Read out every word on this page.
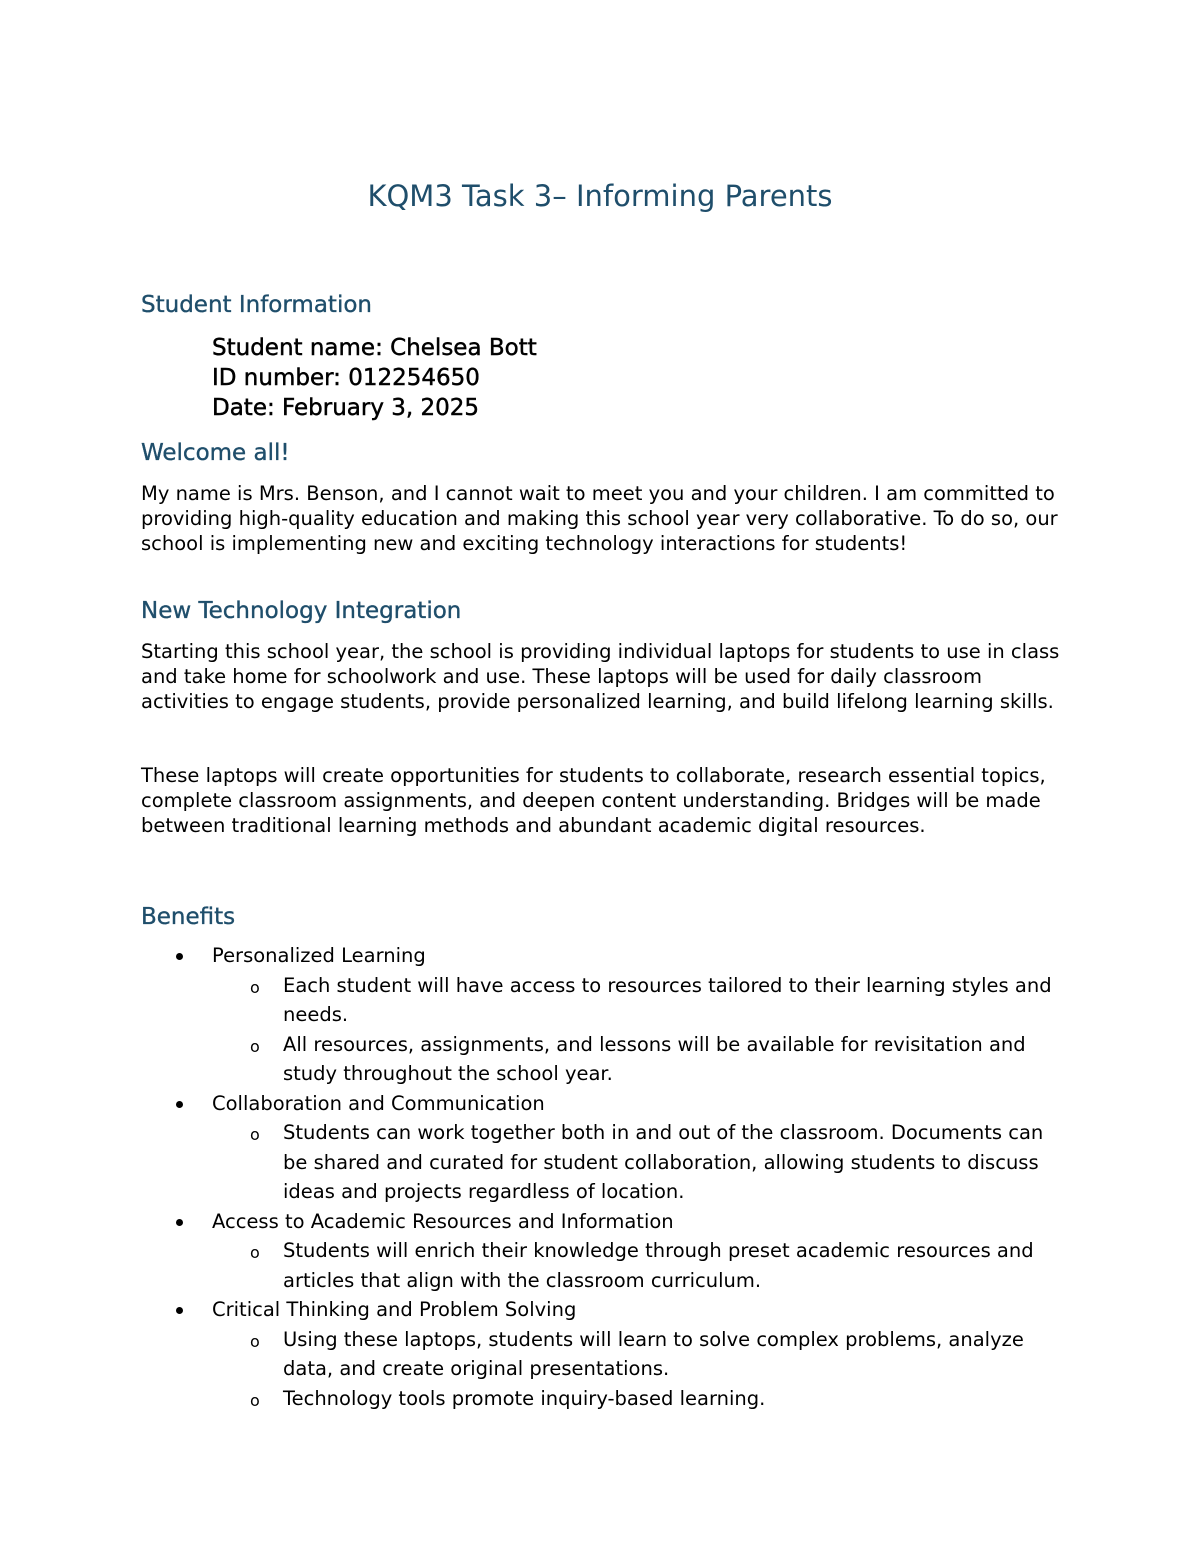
KQM3 Task 3– Informing Parents
Student Information
Student name: Chelsea Bott
ID number: 012254650
Date: February 3, 2025
Welcome all!

My name is Mrs. Benson, and I cannot wait to meet you and your children. I am committed to providing high-quality education and making this school year very collaborative. To do so, our school is implementing new and exciting technology interactions for students!

New Technology Integration

Starting this school year, the school is providing individual laptops for students to use in class and take home for schoolwork and use. These laptops will be used for daily classroom activities to engage students, provide personalized learning, and build lifelong learning skills.

These laptops will create opportunities for students to collaborate, research essential topics, complete classroom assignments, and deepen content understanding. Bridges will be made between traditional learning methods and abundant academic digital resources.

Benefits
Personalized Learning
o Each student will have access to resources tailored to their learning styles and needs.
o All resources, assignments, and lessons will be available for revisitation and study throughout the school year.
Collaboration and Communication
o Students can work together both in and out of the classroom. Documents can be shared and curated for student collaboration, allowing students to discuss ideas and projects regardless of location.
Access to Academic Resources and Information
o Students will enrich their knowledge through preset academic resources and articles that align with the classroom curriculum.
Critical Thinking and Problem Solving
o Using these laptops, students will learn to solve complex problems, analyze data, and create original presentations.
o Technology tools promote inquiry-based learning.
